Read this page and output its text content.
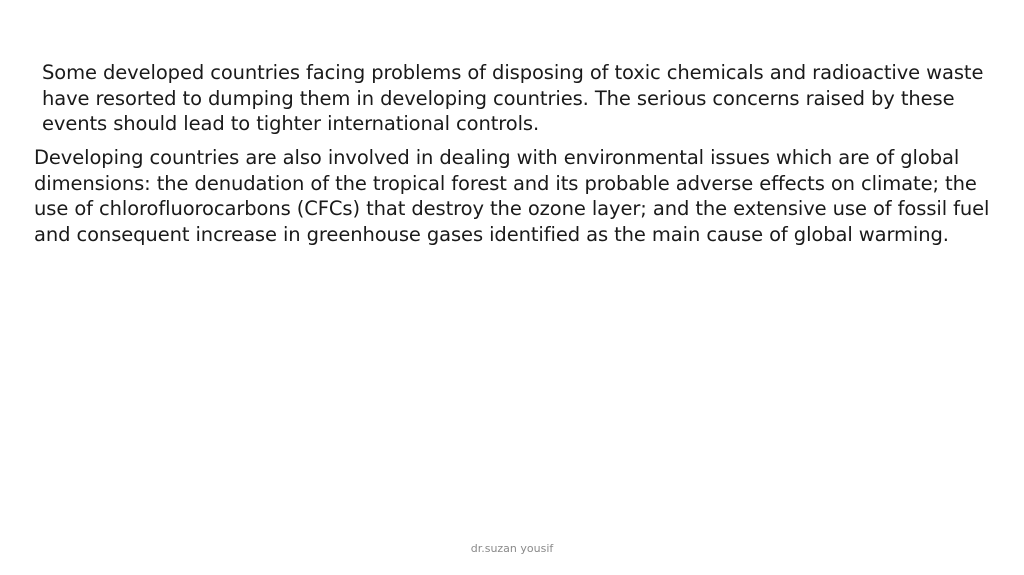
Some developed countries facing problems of disposing of toxic chemicals and radioactive waste have resorted to dumping them in developing countries. The serious concerns raised by these events should lead to tighter international controls.

Developing countries are also involved in dealing with environmental issues which are of global dimensions: the denudation of the tropical forest and its probable adverse effects on climate; the use of chlorofluorocarbons (CFCs) that destroy the ozone layer; and the extensive use of fossil fuel and consequent increase in greenhouse gases identified as the main cause of global warming.

dr.suzan yousif
